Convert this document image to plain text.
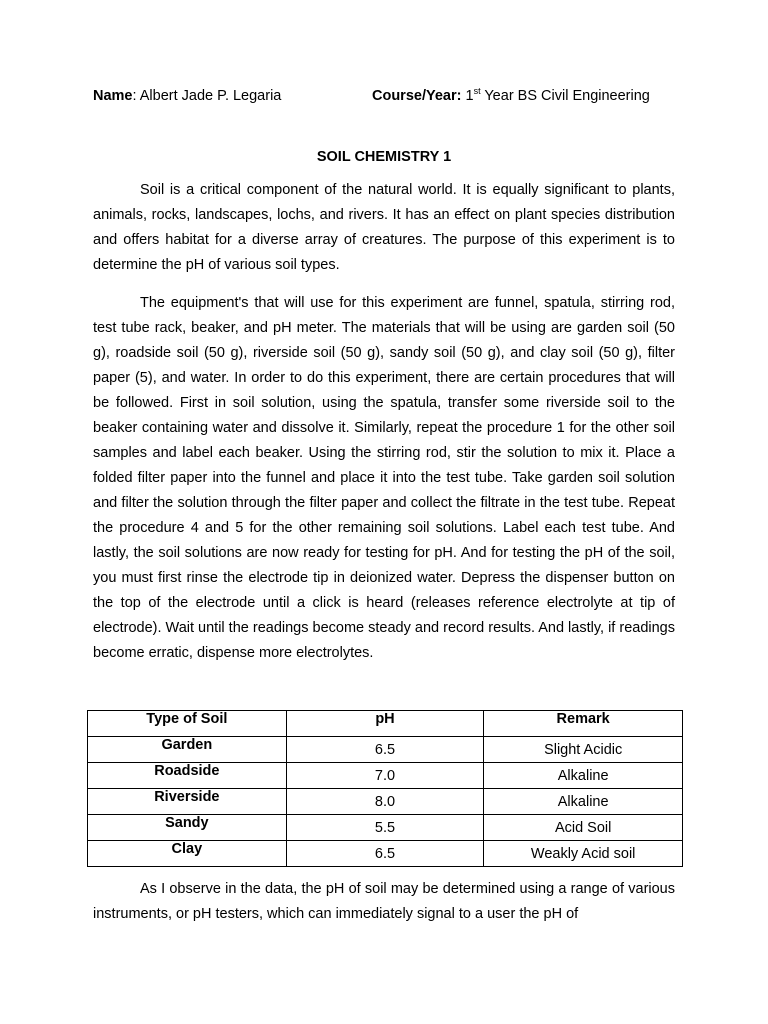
Name: Albert Jade P. Legaria	Course/Year: 1st Year BS Civil Engineering
SOIL CHEMISTRY 1

Soil is a critical component of the natural world. It is equally significant to plants, animals, rocks, landscapes, lochs, and rivers. It has an effect on plant species distribution and offers habitat for a diverse array of creatures. The purpose of this experiment is to determine the pH of various soil types.

The equipment's that will use for this experiment are funnel, spatula, stirring rod, test tube rack, beaker, and pH meter. The materials that will be using are garden soil (50 g), roadside soil (50 g), riverside soil (50 g), sandy soil (50 g), and clay soil (50 g), filter paper (5), and water. In order to do this experiment, there are certain procedures that will be followed. First in soil solution, using the spatula, transfer some riverside soil to the beaker containing water and dissolve it. Similarly, repeat the procedure 1 for the other soil samples and label each beaker. Using the stirring rod, stir the solution to mix it. Place a folded filter paper into the funnel and place it into the test tube. Take garden soil solution and filter the solution through the filter paper and collect the filtrate in the test tube. Repeat the procedure 4 and 5 for the other remaining soil solutions. Label each test tube. And lastly, the soil solutions are now ready for testing for pH. And for testing the pH of the soil, you must first rinse the electrode tip in deionized water. Depress the dispenser button on the top of the electrode until a click is heard (releases reference electrolyte at tip of electrode). Wait until the readings become steady and record results. And lastly, if readings become erratic, dispense more electrolytes.

Type of Soil	pH	Remark
Garden	6.5	Slight Acidic
Roadside	7.0	Alkaline
Riverside	8.0	Alkaline
Sandy	5.5	Acid Soil
Clay	6.5	Weakly Acid soil

As I observe in the data, the pH of soil may be determined using a range of various instruments, or pH testers, which can immediately signal to a user the pH of
